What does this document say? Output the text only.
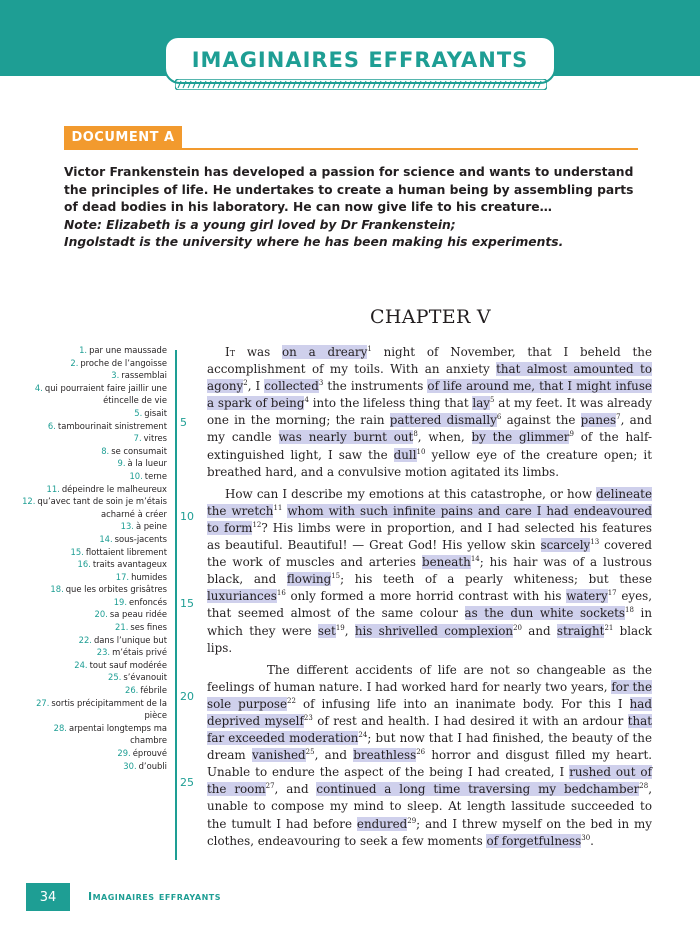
IMAGINAIRES EFFRAYANTS
DOCUMENT A

Victor Frankenstein has developed a passion for science and wants to understand the principles of life. He undertakes to create a human being by assembling parts of dead bodies in his laboratory. He can now give life to his creature…

Note: Elizabeth is a young girl loved by Dr Frankenstein;

Ingolstadt is the university where he has been making his experiments.

CHAPTER V
1. par une maussade
2. proche de l’angoisse
3. rassemblai
4. qui pourraient faire jaillir une étincelle de vie
5. gisait
6. tambourinait sinistrement
7. vitres
8. se consumait
9. à la lueur
10. terne
11. dépeindre le malheureux
12. qu’avec tant de soin je m’étais acharné à créer
13. à peine
14. sous-jacents
15. flottaient librement
16. traits avantageux
17. humides
18. que les orbites grisâtres
19. enfoncés
20. sa peau ridée
21. ses fines
22. dans l’unique but
23. m’étais privé
24. tout sauf modérée
25. s’évanouit
26. fébrile
27. sortis précipitamment de la pièce
28. arpentai longtemps ma chambre
29. éprouvé
30. d’oubli
5
10
15
20
25

It was on a dreary$^1$ night of November, that I beheld the accomplishment of my toils. With an anxiety that almost amounted to agony$^2$, I collected$^3$ the instruments of life around me, that I might infuse a spark of being$^4$ into the lifeless thing that lay$^5$ at my feet. It was already one in the morning; the rain pattered dismally$^6$ against the panes$^7$, and my candle was nearly burnt out$^8$, when, by the glimmer$^9$ of the half-extinguished light, I saw the dull$^{10}$ yellow eye of the creature open; it breathed hard, and a convulsive motion agitated its limbs.

How can I describe my emotions at this catastrophe, or how delineate the wretch$^{11}$ whom with such infinite pains and care I had endeavoured to form$^{12}$? His limbs were in proportion, and I had selected his features as beautiful. Beautiful! — Great God! His yellow skin scarcely$^{13}$ covered the work of muscles and arteries beneath$^{14}$; his hair was of a lustrous black, and flowing$^{15}$; his teeth of a pearly whiteness; but these luxuriances$^{16}$ only formed a more horrid contrast with his watery$^{17}$ eyes, that seemed almost of the same colour as the dun white sockets$^{18}$ in which they were set$^{19}$, his shrivelled complexion$^{20}$ and straight$^{21}$ black lips.

The different accidents of life are not so changeable as the feelings of human nature. I had worked hard for nearly two years, for the sole purpose$^{22}$ of infusing life into an inanimate body. For this I had deprived myself$^{23}$ of rest and health. I had desired it with an ardour that far exceeded moderation$^{24}$; but now that I had finished, the beauty of the dream vanished$^{25}$, and breathless$^{26}$ horror and disgust filled my heart. Unable to endure the aspect of the being I had created, I rushed out of the room$^{27}$, and continued a long time traversing my bedchamber$^{28}$, unable to compose my mind to sleep. At length lassitude succeeded to the tumult I had before endured$^{29}$; and I threw myself on the bed in my clothes, endeavouring to seek a few moments of forgetfulness$^{30}$.

34	Imaginaires effrayants
